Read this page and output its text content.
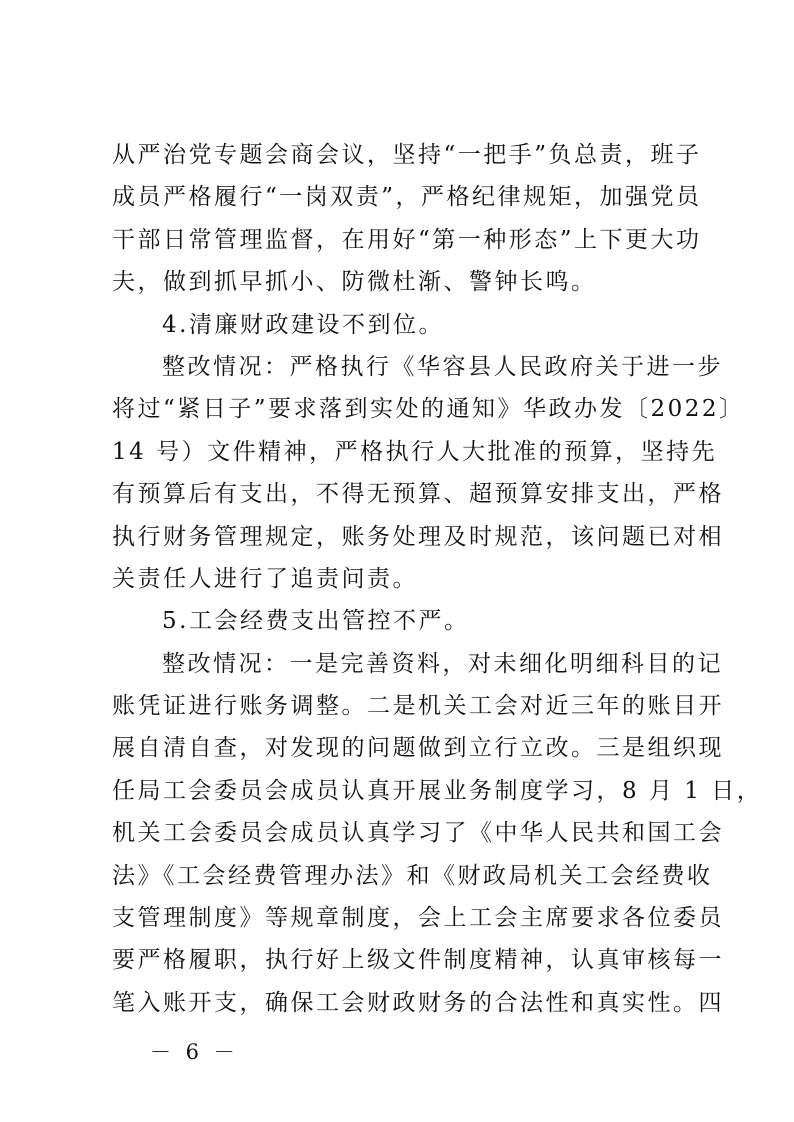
从严治党专题会商会议，坚持“一把手”负总责，班子
成员严格履行“一岗双责”，严格纪律规矩，加强党员
干部日常管理监督，在用好“第一种形态”上下更大功
夫，做到抓早抓小、防微杜渐、警钟长鸣。
4.清廉财政建设不到位。
整改情况：严格执行《华容县人民政府关于进一步
将过“紧日子”要求落到实处的通知》华政办发〔2022〕
14 号）文件精神，严格执行人大批准的预算，坚持先
有预算后有支出，不得无预算、超预算安排支出，严格
执行财务管理规定，账务处理及时规范，该问题已对相
关责任人进行了追责问责。
5.工会经费支出管控不严。
整改情况：一是完善资料，对未细化明细科目的记
账凭证进行账务调整。二是机关工会对近三年的账目开
展自清自查，对发现的问题做到立行立改。三是组织现
任局工会委员会成员认真开展业务制度学习，8 月 1 日，
机关工会委员会成员认真学习了《中华人民共和国工会
法》《工会经费管理办法》和《财政局机关工会经费收
支管理制度》等规章制度，会上工会主席要求各位委员
要严格履职，执行好上级文件制度精神，认真审核每一
笔入账开支，确保工会财政财务的合法性和真实性。四
－ 6 －
